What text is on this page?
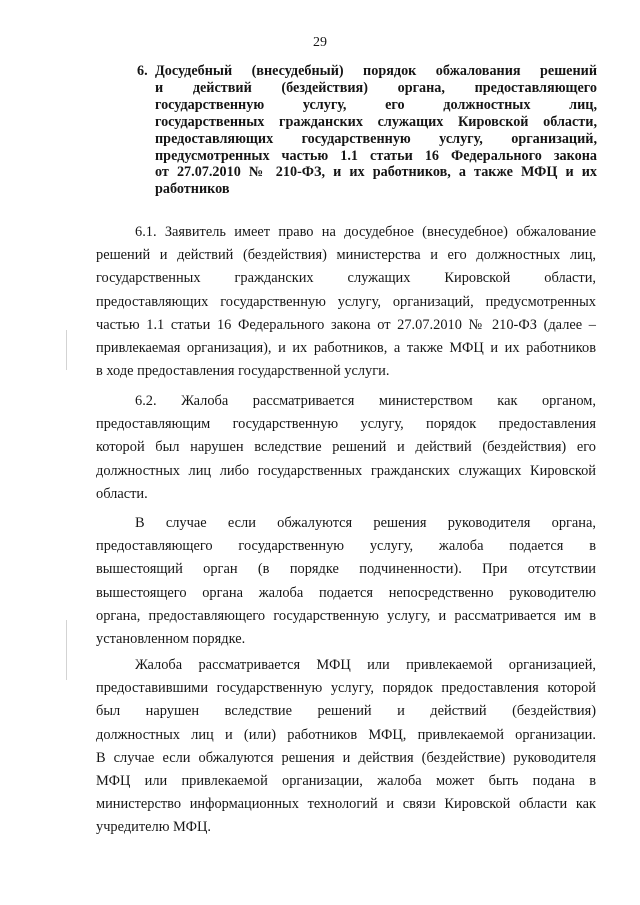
29
6. Досудебный (внесудебный) порядок обжалования решений
и действий (бездействия) органа, предоставляющего
государственную услугу, его должностных лиц,
государственных гражданских служащих Кировской области,
предоставляющих государственную услугу, организаций,
предусмотренных частью 1.1 статьи 16 Федерального закона
от 27.07.2010 № 210-ФЗ, и их работников, а также МФЦ и их
работников
6.1. Заявитель имеет право на досудебное (внесудебное) обжалование
решений и действий (бездействия) министерства и его должностных лиц,
государственных гражданских служащих Кировской области,
предоставляющих государственную услугу, организаций, предусмотренных
частью 1.1 статьи 16 Федерального закона от 27.07.2010 № 210-ФЗ (далее –
привлекаемая организация), и их работников, а также МФЦ и их работников
в ходе предоставления государственной услуги.
6.2. Жалоба рассматривается министерством как органом,
предоставляющим государственную услугу, порядок предоставления
которой был нарушен вследствие решений и действий (бездействия) его
должностных лиц либо государственных гражданских служащих Кировской
области.
В случае если обжалуются решения руководителя органа,
предоставляющего государственную услугу, жалоба подается в
вышестоящий орган (в порядке подчиненности). При отсутствии
вышестоящего органа жалоба подается непосредственно руководителю
органа, предоставляющего государственную услугу, и рассматривается им в
установленном порядке.
Жалоба рассматривается МФЦ или привлекаемой организацией,
предоставившими государственную услугу, порядок предоставления которой
был нарушен вследствие решений и действий (бездействия)
должностных лиц и (или) работников МФЦ, привлекаемой организации.
В случае если обжалуются решения и действия (бездействие) руководителя
МФЦ или привлекаемой организации, жалоба может быть подана в
министерство информационных технологий и связи Кировской области как
учредителю МФЦ.
